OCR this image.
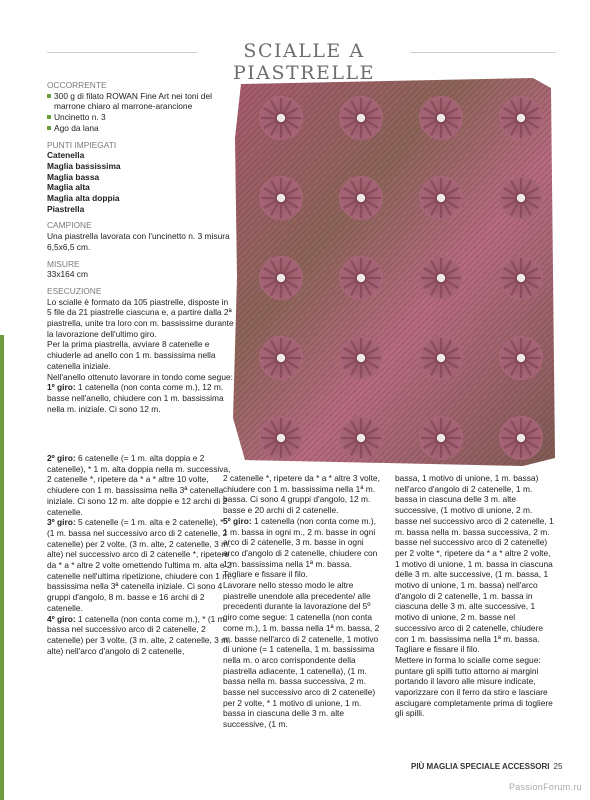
SCIALLE A PIASTRELLE
OCCORRENTE
300 g di filato ROWAN Fine Art nei toni del marrone chiaro al marrone-arancione
Uncinetto n. 3
Ago da lana
PUNTI IMPIEGATI
Catenella
Maglia bassissima
Maglia bassa
Maglia alta
Maglia alta doppia
Piastrella
CAMPIONE

Una piastrella lavorata con l'uncinetto n. 3 misura 6,5x6,5 cm.

MISURE

33x164 cm

ESECUZIONE

Lo scialle è formato da 105 piastrelle, disposte in 5 file da 21 piastrelle ciascuna e, a partire dalla 2ª piastrella, unite tra loro con m. bassissime durante la lavorazione dell'ultimo giro.

Per la prima piastrella, avviare 8 catenelle e chiuderle ad anello con 1 m. bassissima nella catenella iniziale.

Nell'anello ottenuto lavorare in tondo come segue:

1º giro: 1 catenella (non conta come m.), 12 m. basse nell'anello, chiudere con 1 m. bassissima nella m. iniziale. Ci sono 12 m.

2º giro: 6 catenelle (= 1 m. alta doppia e 2 catenelle), * 1 m. alta doppia nella m. successiva, 2 catenelle *, ripetere da * a * altre 10 volte, chiudere con 1 m. bassissima nella 3ª catenella iniziale. Ci sono 12 m. alte doppie e 12 archi di 2 catenelle.

3º giro: 5 catenelle (= 1 m. alta e 2 catenelle), * (1 m. bassa nel successivo arco di 2 catenelle, 2 catenelle) per 2 volte, (3 m. alte, 2 catenelle, 3 m. alte) nel successivo arco di 2 catenelle *, ripetere da * a * altre 2 volte omettendo l'ultima m. alta e 2 catenelle nell'ultima ripetizione, chiudere con 1 m. bassissima nella 3ª catenella iniziale. Ci sono 4 gruppi d'angolo, 8 m. basse e 16 archi di 2 catenelle.

4º giro: 1 catenella (non conta come m.), * (1 m. bassa nel successivo arco di 2 catenelle, 2 catenelle) per 3 volte, (3 m. alte, 2 catenelle, 3 m. alte) nell'arco d'angolo di 2 catenelle,

2 catenelle *, ripetere da * a * altre 3 volte, chiudere con 1 m. bassissima nella 1ª m. bassa. Ci sono 4 gruppi d'angolo, 12 m. basse e 20 archi di 2 catenelle.

5º giro: 1 catenella (non conta come m.), 1 m. bassa in ogni m., 2 m. basse in ogni arco di 2 catenelle, 3 m. basse in ogni arco d'angolo di 2 catenelle, chiudere con 1 m. bassissima nella 1ª m. bassa. Tagliare e fissare il filo.

Lavorare nello stesso modo le altre piastrelle unendole alla precedente/ alle precedenti durante la lavorazione del 5º giro come segue: 1 catenella (non conta come m.), 1 m. bassa nella 1ª m. bassa, 2 m. basse nell'arco di 2 catenelle, 1 motivo di unione (= 1 catenella, 1 m. bassissima nella m. o arco corrispondente della piastrella adiacente, 1 catenella), (1 m. bassa nella m. bassa successiva, 2 m. basse nel successivo arco di 2 catenelle) per 2 volte, * 1 motivo di unione, 1 m. bassa in ciascuna delle 3 m. alte successive, (1 m.

bassa, 1 motivo di unione, 1 m. bassa) nell'arco d'angolo di 2 catenelle, 1 m. bassa in ciascuna delle 3 m. alte successive, (1 motivo di unione, 2 m. basse nel successivo arco di 2 catenelle, 1 m. bassa nella m. bassa successiva, 2 m. basse nel successivo arco di 2 catenelle) per 2 volte *, ripetere da * a * altre 2 volte, 1 motivo di unione, 1 m. bassa in ciascuna delle 3 m. alte successive, (1 m. bassa, 1 motivo di unione, 1 m. bassa) nell'arco d'angolo di 2 catenelle, 1 m. bassa in ciascuna delle 3 m. alte successive, 1 motivo di unione, 2 m. basse nel successivo arco di 2 catenelle, chiudere con 1 m. bassissima nella 1ª m. bassa. Tagliare e fissare il filo.

Mettere in forma lo scialle come segue: puntare gli spilli tutto attorno ai margini portando il lavoro alle misure indicate, vaporizzare con il ferro da stiro e lasciare asciugare completamente prima di togliere gli spilli.

PIÙ MAGLIA SPECIALE ACCESSORI 25
PassionForum.ru
